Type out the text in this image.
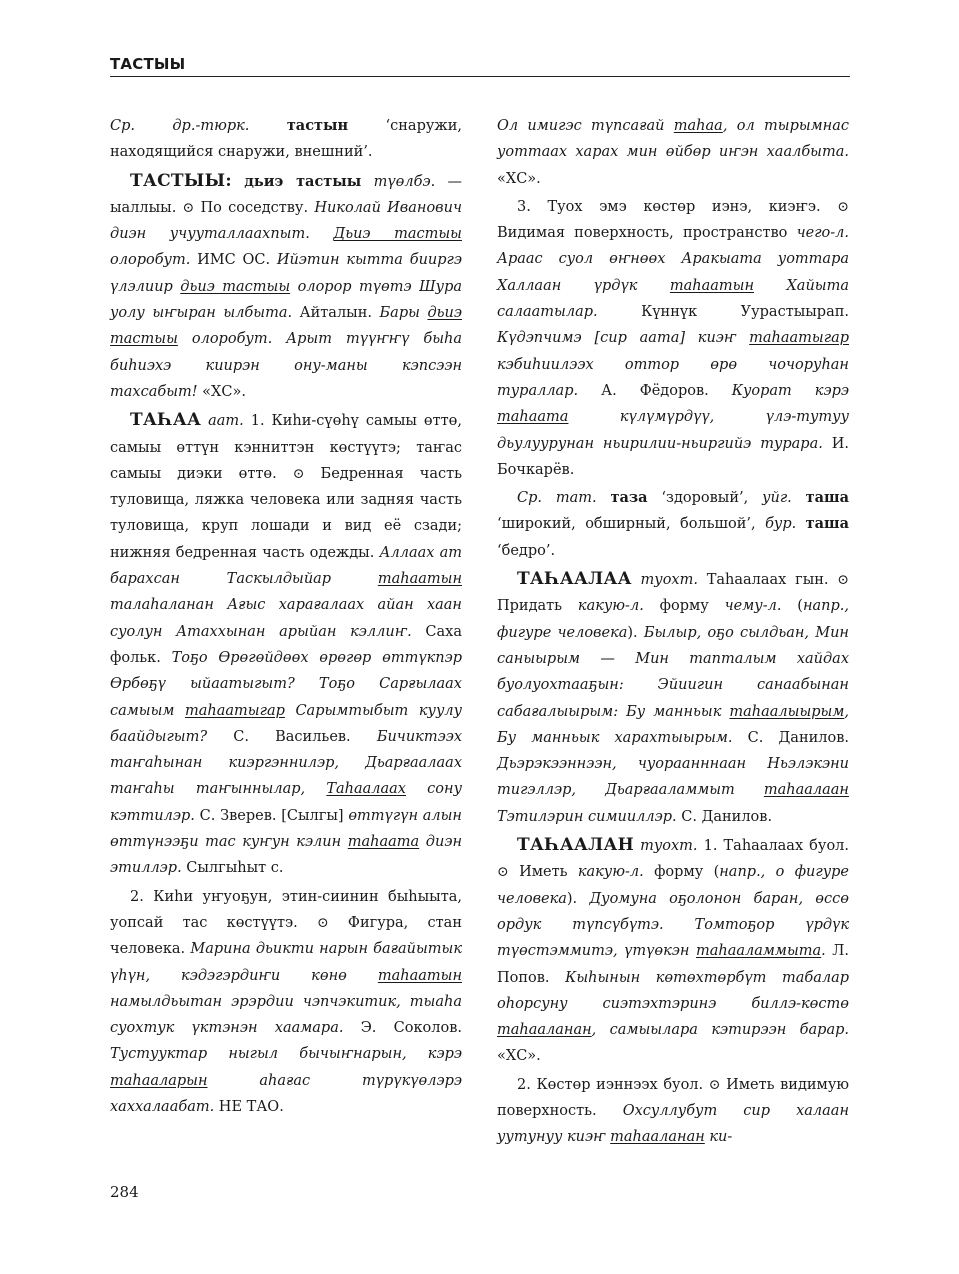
ТАСТЫЫ

Ср. др.-тюрк.	тастын ‘снаружи, находящийся снаружи, внешний’.

ТАСТЫЫ: дьиэ тастыы түөлбэ. — ыаллыы. ⊙ По соседству. Николай Иванович диэн учууталлаахпыт. Дьиэ тастыы олоробут. ИМС ОС. Ийэтин кытта бииргэ үлэлиир дьиэ тастыы олорор түөтэ Шура уолу ыҥыран ылбыта. Айталын. Бары дьиэ тастыы олоробут. Арыт түүҥҥү быһа биһиэхэ киирэн ону-маны кэпсээн тахсабыт! «ХС».

ТАҺАА аат. 1. Киһи-сүөһү самыы өттө, самыы өттүн кэнниттэн көстүүтэ; таҥас самыы диэки өттө. ⊙ Бедренная часть туловища, ляжка человека или задняя часть туловища, круп лошади и вид её сзади; нижняя бедренная часть одежды. Аллаах ат барахсан Таскылдыйар таһаатын талаһаланан Ағыс харағалаах айан хаан суолун Атаххынан арыйан кэллиҥ. Саха фольк. Тоҕо Өрөгөйдөөх өрөгөр өттүкпэр Өрбөҕү ыйаатыгыт? Тоҕо Сарғылаах самыым таһаатыгар Сарымтыбыт куулу баайдыгыт? С. Васильев. Бичиктээх таҥаһынан киэргэннилэр, Дьарғаалаах таҥаһы таҥыннылар, Таһаалаах сону кэттилэр. С. Зверев. [Сылгы] өттүгүн алын өттүнээҕи тас куҥун кэлин таһаата диэн этиллэр. Сылгыһыт с.

2. Киһи уҥуоҕун, этин-сиинин быһыыта, уопсай тас көстүүтэ. ⊙ Фигура, стан человека. Марина дьикти нарын бағайытык үһүн, кэдэгэрдиҥи көнө таһаатын намылдьытан эрэрдии чэпчэкитик, тыаһа суохтук үктэнэн хаамара. Э. Соколов. Тустууктар ныгыл бычыҥнарын, кэрэ таһааларын аһағас түрүкүөлэрэ хаххалаабат. НЕ ТАО.

Ол имигэс түпсағай таһаа, ол тырымнас уоттаах харах мин өйбөр иҥэн хаалбыта. «ХС».

3. Туох эмэ көстөр иэнэ, киэҥэ. ⊙ Видимая поверхность, пространство чего-л. Араас суол өҥнөөх Аракыата уоттара Халлаан үрдүк таһаатын Хайыта салаатылар. Күннүк Уурастыырап. Күдэпчимэ [сир аата] киэҥ таһаатыгар кэбиһиилээх оттор өрө чочоруһан тураллар. А. Фёдоров. Куорат кэрэ таһаата күлүмүрдүү, үлэ-тутуу дьулуурунан ньирилии-ньиргийэ турара. И. Бочкарёв.

Ср. тат. таза ‘здоровый’, уйг. таша ‘широкий, обширный, большой’, бур. таша ‘бедро’.

ТАҺААЛАА туохт. Таһаалаах гын. ⊙ Придать какую-л. форму чему-л. (напр., фигуре человека). Былыр, оҕо сылдьан, Мин саныырым — Мин тапталым хайдах буолуохтааҕын: Эйиигин санаабынан сабағалыырым: Бу манньык таһаалыырым, Бу манньык харахтыырым. С. Данилов. Дьэрэкээннээн, чуораанннаан Ньэлэкэни тигэллэр, Дьарғааламмыт таһаалаан Тэтилэрин симииллэр. С. Данилов.

ТАҺААЛАН туохт. 1. Таһаалаах буол. ⊙ Иметь какую-л. форму (напр., о фигуре человека). Дуомуна оҕолонон баран, өссө ордук түпсүбүтэ. Томтоҕор үрдүк түөстэммитэ, үтүөкэн таһааламмыта. Л. Попов. Кыһынын көтөхтөрбүт табалар оһорсуну сиэтэхтэринэ биллэ-көстө таһааланан, самыылара кэтирээн барар. «ХС».

2. Көстөр иэннээх буол. ⊙ Иметь видимую поверхность. Охсуллубут сир халаан уутунуу киэҥ таһааланан ки-

284
